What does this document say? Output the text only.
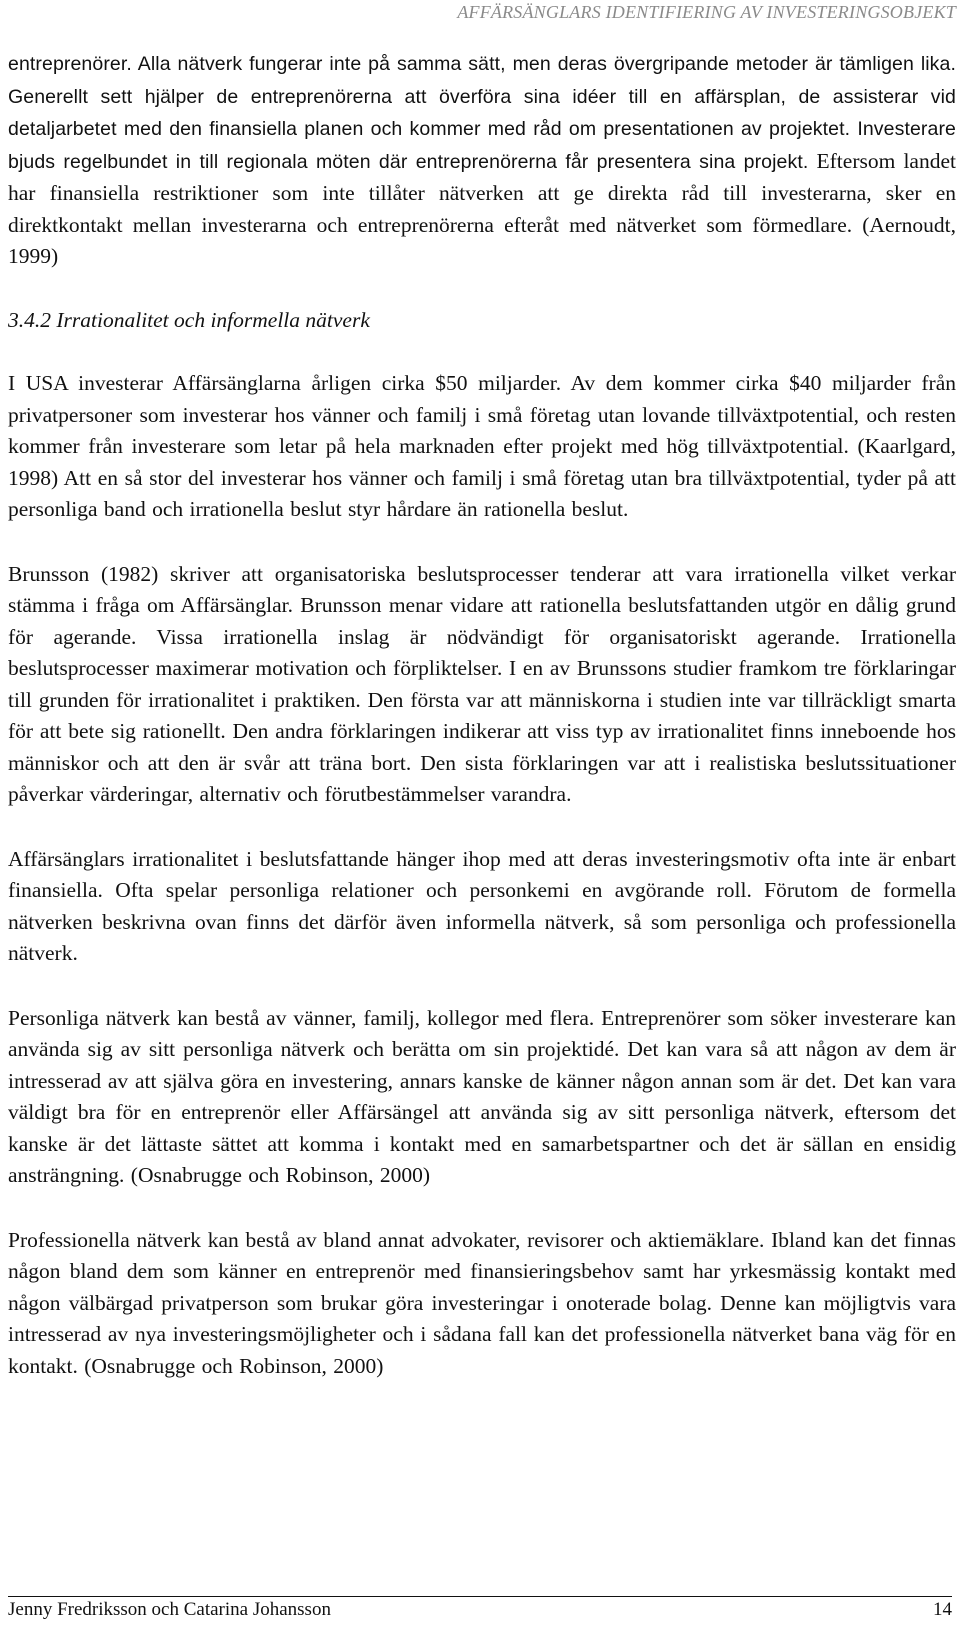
AFFÄRSÄNGLARS IDENTIFIERING AV INVESTERINGSOBJEKT

entreprenörer. Alla nätverk fungerar inte på samma sätt, men deras övergripande metoder är tämligen lika. Generellt sett hjälper de entreprenörerna att överföra sina idéer till en affärsplan, de assisterar vid detaljarbetet med den finansiella planen och kommer med råd om presentationen av projektet. Investerare bjuds regelbundet in till regionala möten där entreprenörerna får presentera sina projekt. Eftersom landet har finansiella restriktioner som inte tillåter nätverken att ge direkta råd till investerarna, sker en direktkontakt mellan investerarna och entreprenörerna efteråt med nätverket som förmedlare. (Aernoudt, 1999)

3.4.2 Irrationalitet och informella nätverk

I USA investerar Affärsänglarna årligen cirka $50 miljarder. Av dem kommer cirka $40 miljarder från privatpersoner som investerar hos vänner och familj i små företag utan lovande tillväxtpotential, och resten kommer från investerare som letar på hela marknaden efter projekt med hög tillväxtpotential. (Kaarlgard, 1998) Att en så stor del investerar hos vänner och familj i små företag utan bra tillväxtpotential, tyder på att personliga band och irrationella beslut styr hårdare än rationella beslut.

Brunsson (1982) skriver att organisatoriska beslutsprocesser tenderar att vara irrationella vilket verkar stämma i fråga om Affärsänglar. Brunsson menar vidare att rationella beslutsfattanden utgör en dålig grund för agerande. Vissa irrationella inslag är nödvändigt för organisatoriskt agerande. Irrationella beslutsprocesser maximerar motivation och förpliktelser. I en av Brunssons studier framkom tre förklaringar till grunden för irrationalitet i praktiken. Den första var att människorna i studien inte var tillräckligt smarta för att bete sig rationellt. Den andra förklaringen indikerar att viss typ av irrationalitet finns inneboende hos människor och att den är svår att träna bort. Den sista förklaringen var att i realistiska beslutssituationer påverkar värderingar, alternativ och förutbestämmelser varandra.

Affärsänglars irrationalitet i beslutsfattande hänger ihop med att deras investeringsmotiv ofta inte är enbart finansiella. Ofta spelar personliga relationer och personkemi en avgörande roll. Förutom de formella nätverken beskrivna ovan finns det därför även informella nätverk, så som personliga och professionella nätverk.

Personliga nätverk kan bestå av vänner, familj, kollegor med flera. Entreprenörer som söker investerare kan använda sig av sitt personliga nätverk och berätta om sin projektidé. Det kan vara så att någon av dem är intresserad av att själva göra en investering, annars kanske de känner någon annan som är det. Det kan vara väldigt bra för en entreprenör eller Affärsängel att använda sig av sitt personliga nätverk, eftersom det kanske är det lättaste sättet att komma i kontakt med en samarbetspartner och det är sällan en ensidig ansträngning. (Osnabrugge och Robinson, 2000)

Professionella nätverk kan bestå av bland annat advokater, revisorer och aktiemäklare. Ibland kan det finnas någon bland dem som känner en entreprenör med finansieringsbehov samt har yrkesmässig kontakt med någon välbärgad privatperson som brukar göra investeringar i onoterade bolag. Denne kan möjligtvis vara intresserad av nya investeringsmöjligheter och i sådana fall kan det professionella nätverket bana väg för en kontakt. (Osnabrugge och Robinson, 2000)

Jenny Fredriksson och Catarina Johansson	14
